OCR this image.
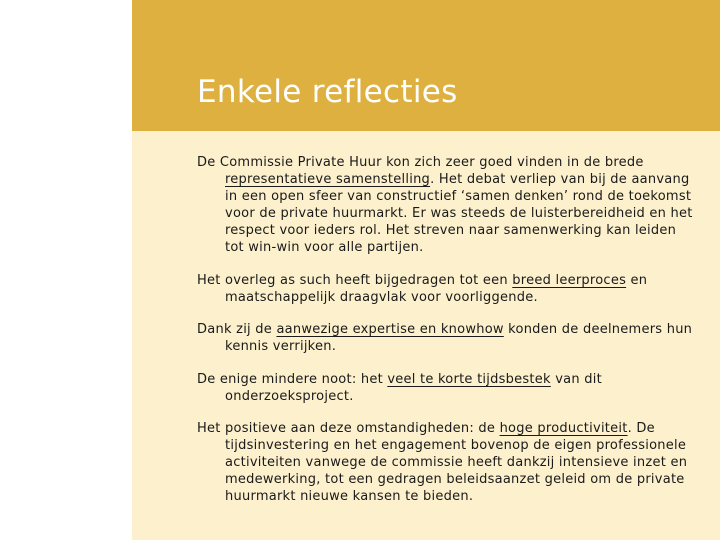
Enkele reflecties
De Commissie Private Huur kon zich zeer goed vinden in de brede representatieve samenstelling. Het debat verliep van bij de aanvang in een open sfeer van constructief ‘samen denken’ rond de toekomst voor de private huurmarkt. Er was steeds de luisterbereidheid en het respect voor ieders rol. Het streven naar samenwerking kan leiden tot win-win voor alle partijen.
Het overleg as such heeft bijgedragen tot een breed leerproces en maatschappelijk draagvlak voor voorliggende.
Dank zij de aanwezige expertise en knowhow konden de deelnemers hun kennis verrijken.
De enige mindere noot: het veel te korte tijdsbestek van dit onderzoeksproject.
Het positieve aan deze omstandigheden: de hoge productiviteit. De tijdsinvestering en het engagement bovenop de eigen professionele activiteiten vanwege de commissie heeft dankzij intensieve inzet en medewerking, tot een gedragen beleidsaanzet geleid om de private huurmarkt nieuwe kansen te bieden.
